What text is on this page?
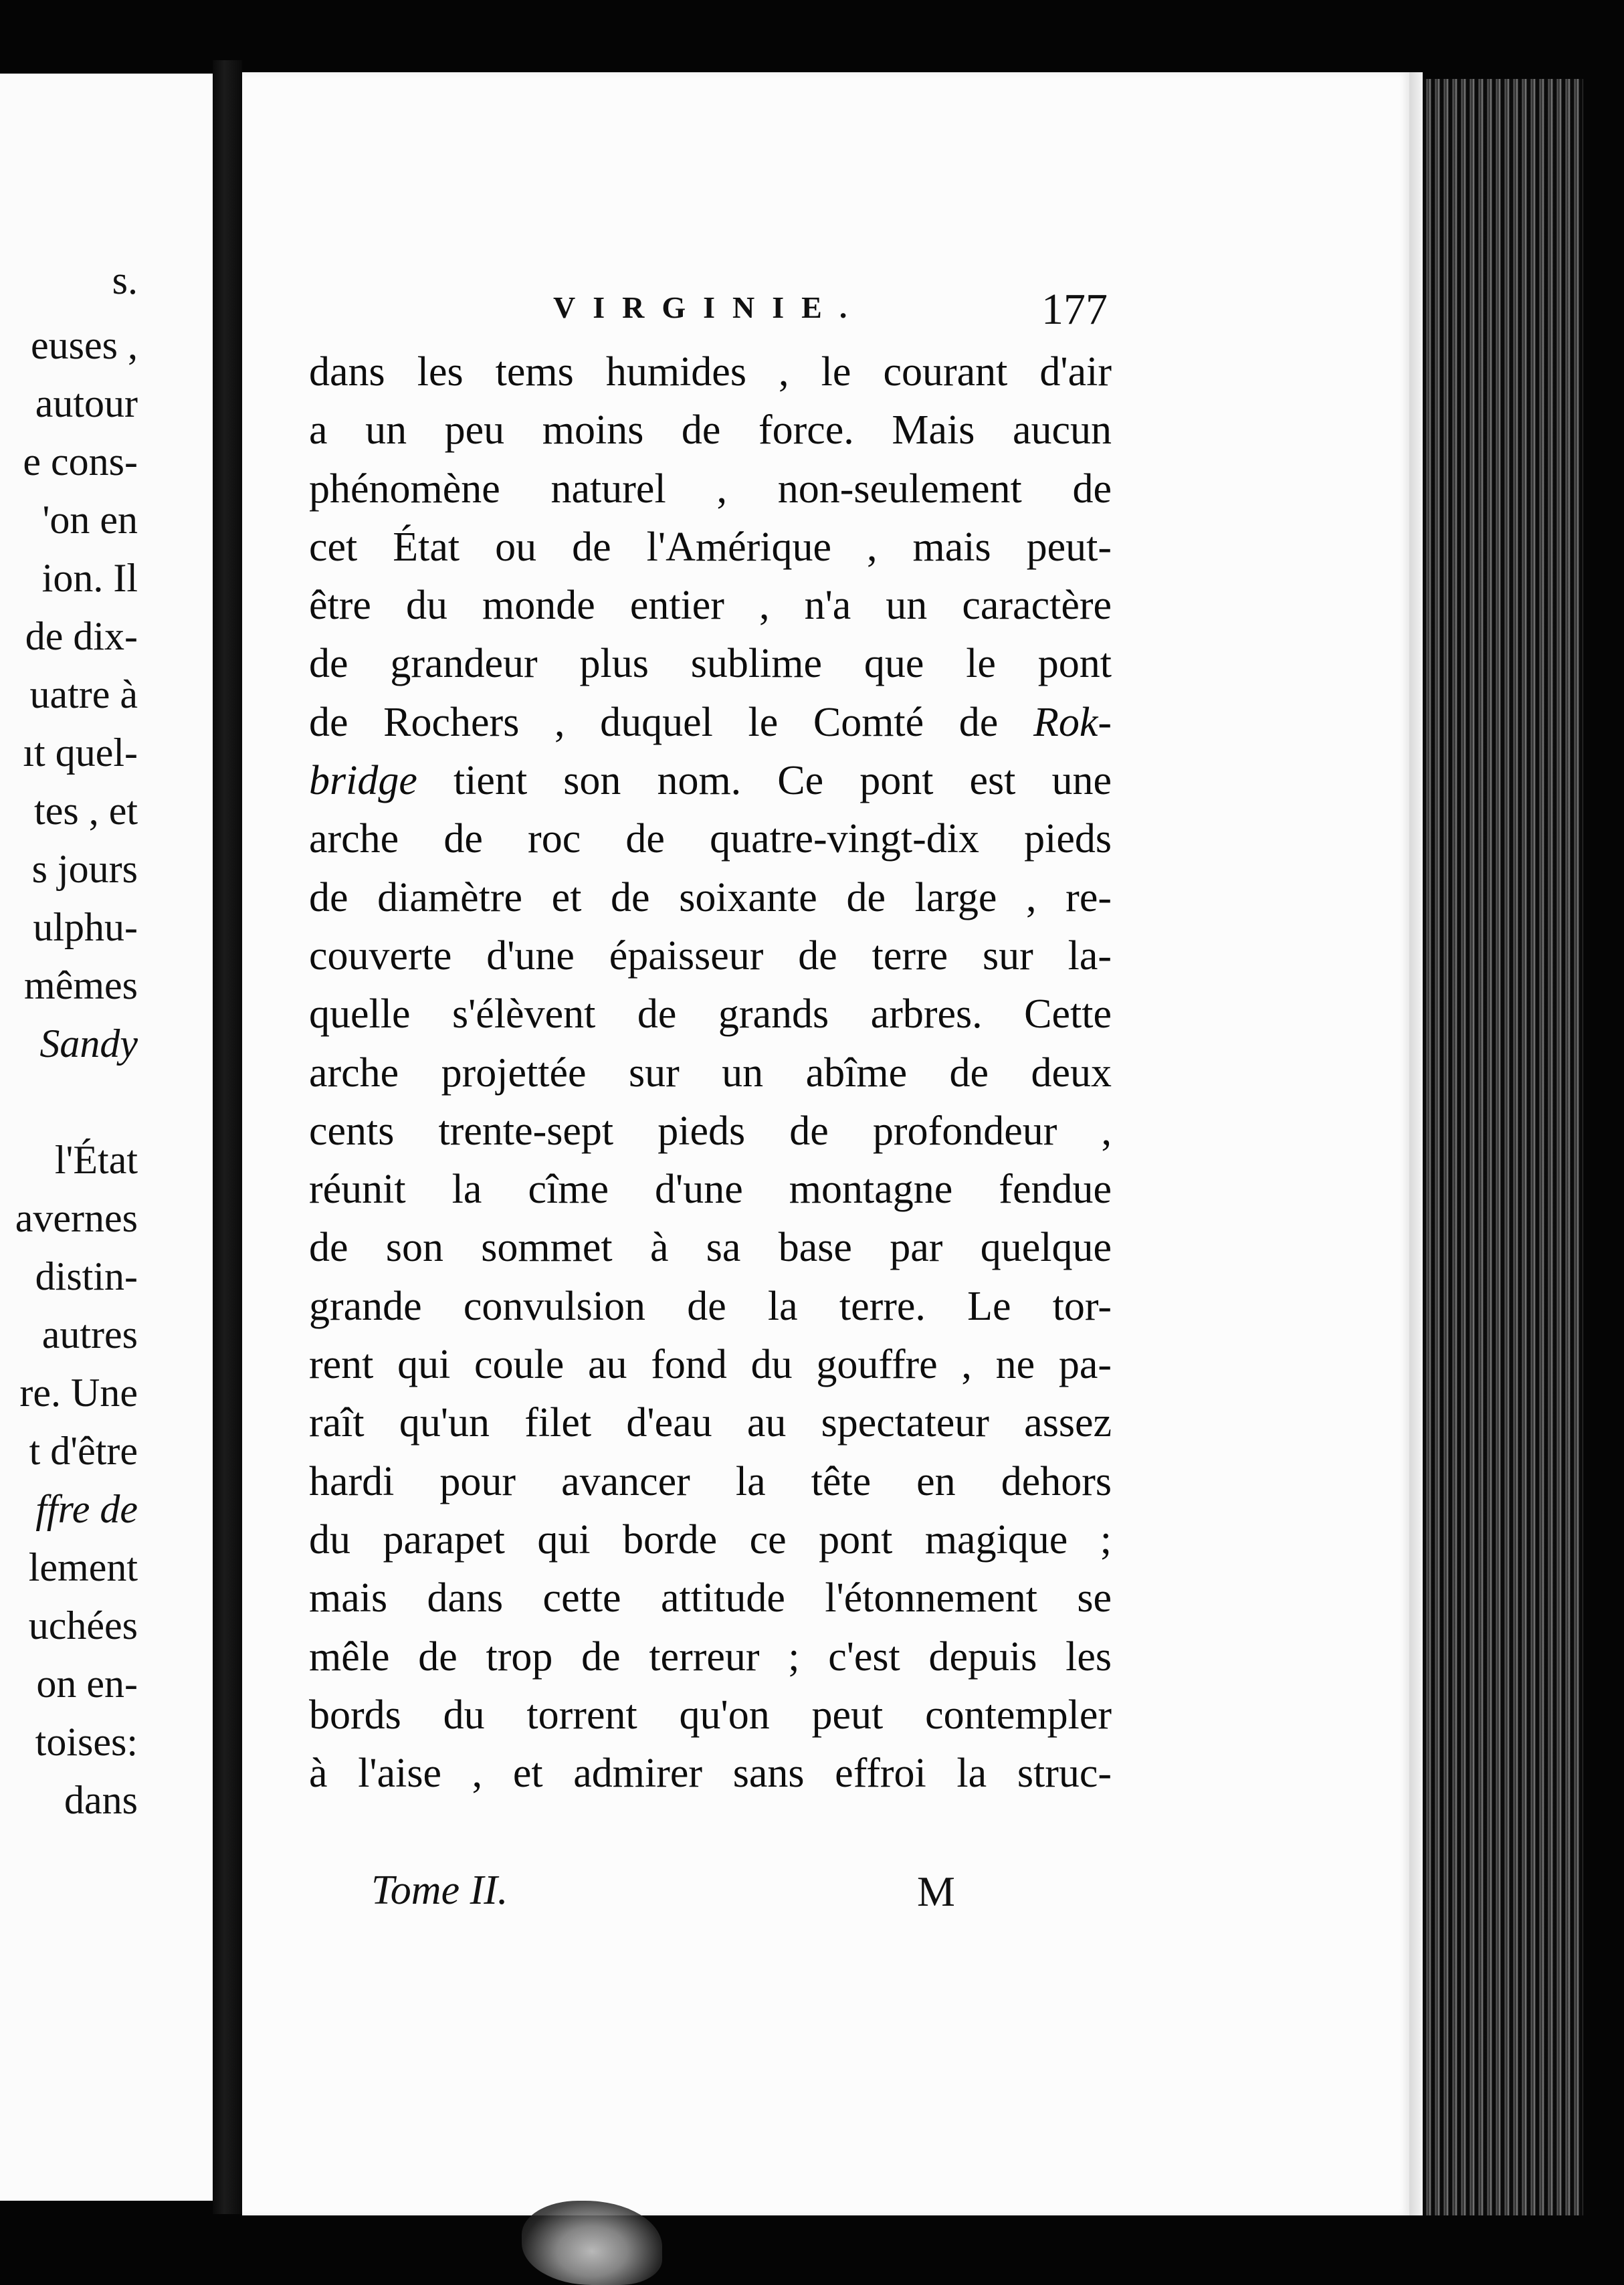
s.
euses ,
autour
e cons-
'on en
ion. Il
de dix-
uatre à
ıt quel-
tes , et
s jours
ulphu-
mêmes
Sandy
l'État
avernes
distin-
autres
re. Une
t d'être
ffre de
lement
uchées
on en-
toises:
dans
VIRGINIE.	177
dans les tems humides , le courant d'air
a un peu moins de force. Mais aucun
phénomène naturel , non-seulement de
cet État ou de l'Amérique , mais peut-
être du monde entier , n'a un caractère
de grandeur plus sublime que le pont
de Rochers , duquel le Comté de Rok-
bridge tient son nom. Ce pont est une
arche de roc de quatre-vingt-dix pieds
de diamètre et de soixante de large , re-
couverte d'une épaisseur de terre sur la-
quelle s'élèvent de grands arbres. Cette
arche projettée sur un abîme de deux
cents trente-sept pieds de profondeur ,
réunit la cîme d'une montagne fendue
de son sommet à sa base par quelque
grande convulsion de la terre. Le tor-
rent qui coule au fond du gouffre , ne pa-
raît qu'un filet d'eau au spectateur assez
hardi pour avancer la tête en dehors
du parapet qui borde ce pont magique ;
mais dans cette attitude l'étonnement se
mêle de trop de terreur ; c'est depuis les
bords du torrent qu'on peut contempler
à l'aise , et admirer sans effroi la struc-
Tome II.	M
